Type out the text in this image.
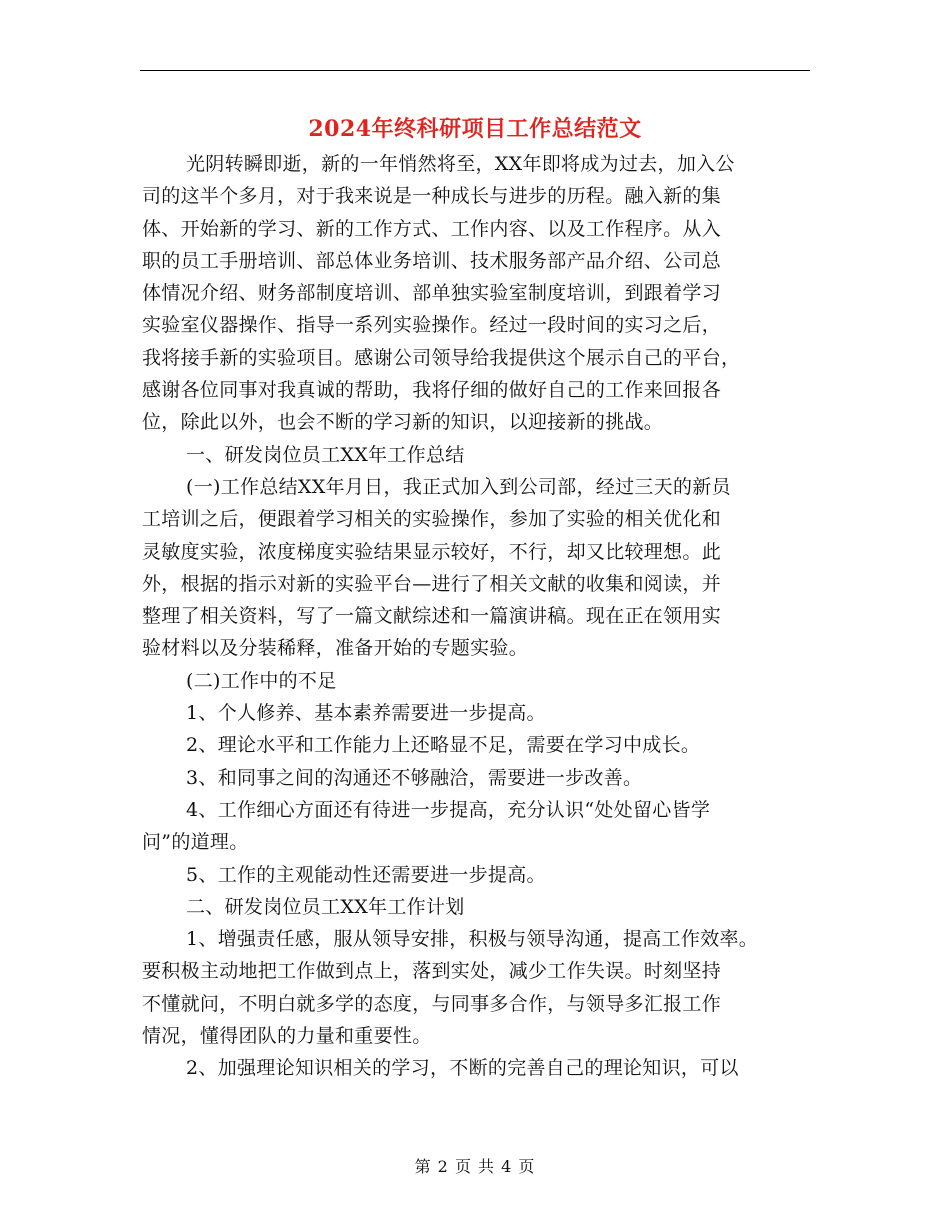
2024年终科研项目工作总结范文
光阴转瞬即逝，新的一年悄然将至，XX年即将成为过去，加入公
司的这半个多月，对于我来说是一种成长与进步的历程。融入新的集
体、开始新的学习、新的工作方式、工作内容、以及工作程序。从入
职的员工手册培训、部总体业务培训、技术服务部产品介绍、公司总
体情况介绍、财务部制度培训、部单独实验室制度培训，到跟着学习
实验室仪器操作、指导一系列实验操作。经过一段时间的实习之后，
我将接手新的实验项目。感谢公司领导给我提供这个展示自己的平台，
感谢各位同事对我真诚的帮助，我将仔细的做好自己的工作来回报各
位，除此以外，也会不断的学习新的知识，以迎接新的挑战。
一、研发岗位员工XX年工作总结
(一)工作总结XX年月日，我正式加入到公司部，经过三天的新员
工培训之后，便跟着学习相关的实验操作，参加了实验的相关优化和
灵敏度实验，浓度梯度实验结果显示较好，不行，却又比较理想。此
外，根据的指示对新的实验平台—进行了相关文献的收集和阅读，并
整理了相关资料，写了一篇文献综述和一篇演讲稿。现在正在领用实
验材料以及分装稀释，准备开始的专题实验。
(二)工作中的不足
1、个人修养、基本素养需要进一步提高。
2、理论水平和工作能力上还略显不足，需要在学习中成长。
3、和同事之间的沟通还不够融洽，需要进一步改善。
4、工作细心方面还有待进一步提高，充分认识“处处留心皆学
问”的道理。
5、工作的主观能动性还需要进一步提高。
二、研发岗位员工XX年工作计划
1、增强责任感，服从领导安排，积极与领导沟通，提高工作效率。
要积极主动地把工作做到点上，落到实处，减少工作失误。时刻坚持
不懂就问，不明白就多学的态度，与同事多合作，与领导多汇报工作
情况，懂得团队的力量和重要性。
2、加强理论知识相关的学习，不断的完善自己的理论知识，可以
第 2 页 共 4 页
